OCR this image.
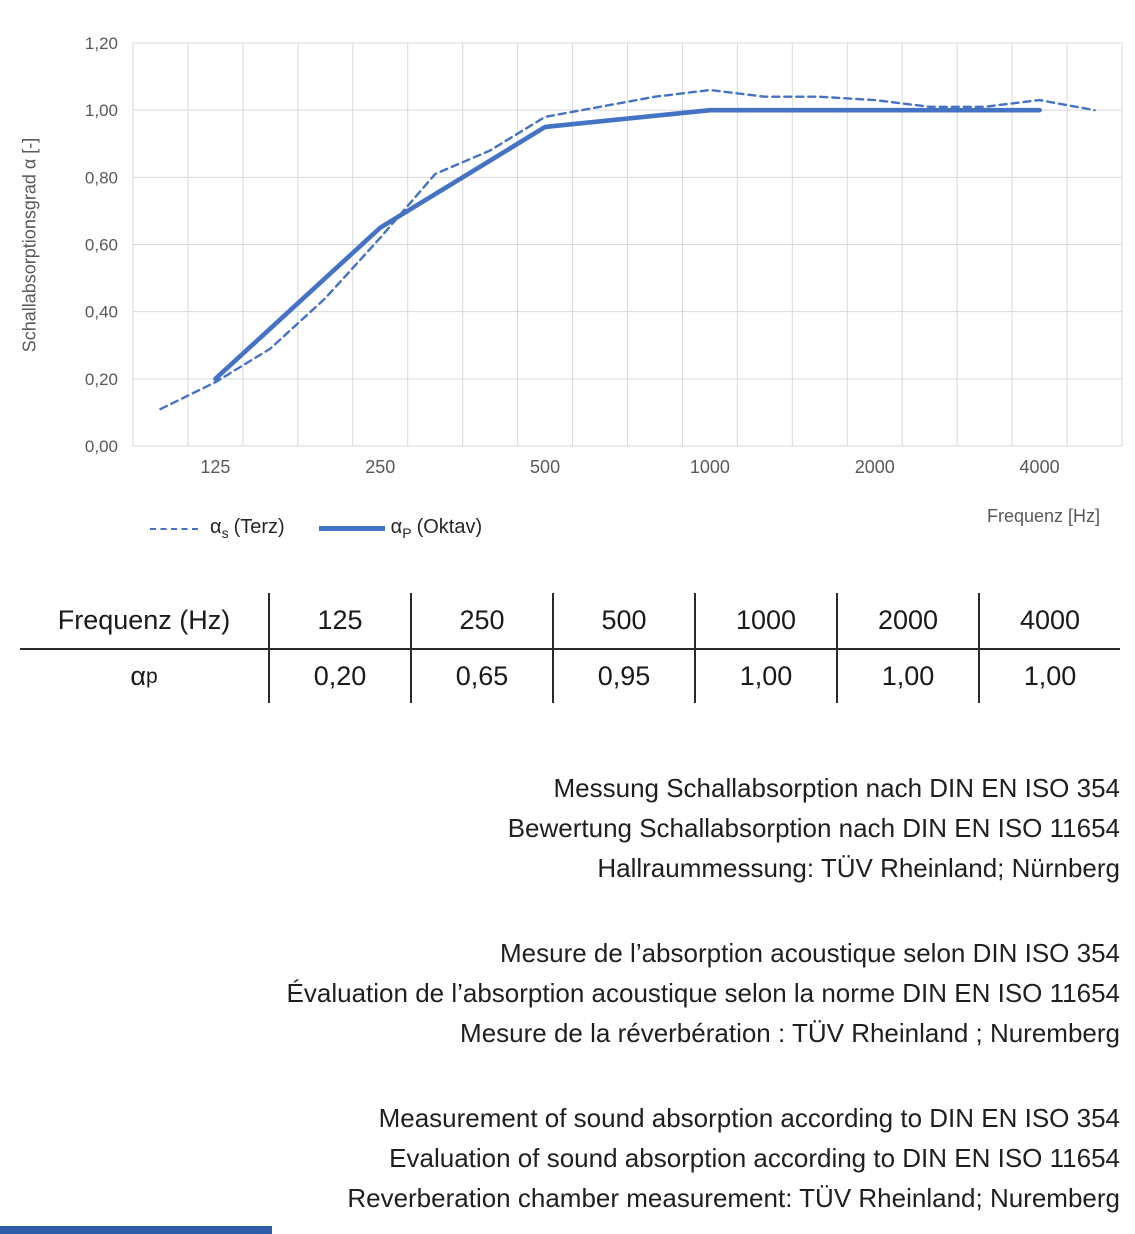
1,20
1,00
0,80
0,60
0,40
0,20
0,00
125	250	500	1000	2000	4000
Schallabsorptionsgrad α [-]
Frequenz [Hz]
$\alpha_s$ (Terz)	$\alpha_P$ (Oktav)
Frequenz (Hz)	125	250	500	1000	2000	4000
α p	0,20	0,65	0,95	1,00	1,00	1,00
Messung Schallabsorption nach DIN EN ISO 354
Bewertung Schallabsorption nach DIN EN ISO 11654
Hallraummessung: TÜV Rheinland; Nürnberg
Mesure de l’absorption acoustique selon DIN ISO 354
Évaluation de l’absorption acoustique selon la norme DIN EN ISO 11654
Mesure de la réverbération : TÜV Rheinland ; Nuremberg
Measurement of sound absorption according to DIN EN ISO 354
Evaluation of sound absorption according to DIN EN ISO 11654
Reverberation chamber measurement: TÜV Rheinland; Nuremberg
